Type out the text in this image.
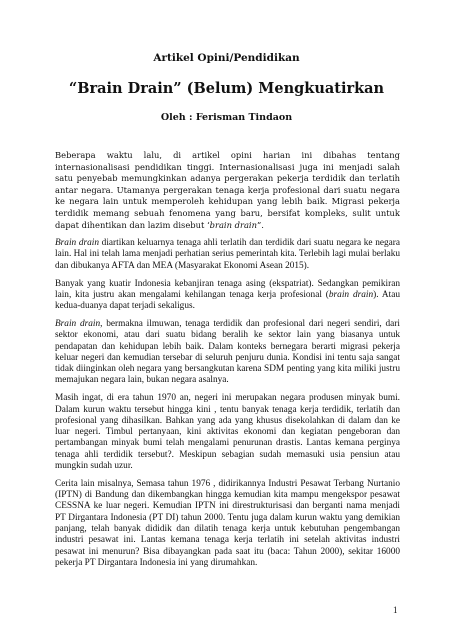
Artikel Opini/Pendidikan
“Brain Drain” (Belum) Mengkuatirkan
Oleh : Ferisman Tindaon

Beberapa waktu lalu, di artikel opini harian ini dibahas tentang internasionalisasi pendidikan tinggi. Internasionalisasi juga ini menjadi salah satu penyebab memungkinkan adanya pergerakan pekerja terdidik dan terlatih antar negara. Utamanya pergerakan tenaga kerja profesional dari suatu negara ke negara lain untuk memperoleh kehidupan yang lebih baik. Migrasi pekerja terdidik memang sebuah fenomena yang baru, bersifat kompleks, sulit untuk dapat dihentikan dan lazim disebut ‘brain drain”.

Brain drain diartikan keluarnya tenaga ahli terlatih dan terdidik dari suatu negara ke negara lain. Hal ini telah lama menjadi perhatian serius pemerintah kita. Terlebih lagi mulai berlaku dan dibukanya AFTA dan MEA (Masyarakat Ekonomi Asean 2015).

Banyak yang kuatir Indonesia kebanjiran tenaga asing (ekspatriat). Sedangkan pemikiran lain, kita justru akan mengalami kehilangan tenaga kerja profesional (brain drain). Atau kedua-duanya dapat terjadi sekaligus.

Brain drain, bermakna ilmuwan, tenaga terdidik dan profesional dari negeri sendiri, dari sektor ekonomi, atau dari suatu bidang beralih ke sektor lain yang biasanya untuk pendapatan dan kehidupan lebih baik. Dalam konteks bernegara berarti migrasi pekerja keluar negeri dan kemudian tersebar di seluruh penjuru dunia. Kondisi ini tentu saja sangat tidak diinginkan oleh negara yang bersangkutan karena SDM penting yang kita miliki justru memajukan negara lain, bukan negara asalnya.

Masih ingat, di era tahun 1970 an, negeri ini merupakan negara produsen minyak bumi. Dalam kurun waktu tersebut hingga kini , tentu banyak tenaga kerja terdidik, terlatih dan profesional yang dihasilkan. Bahkan yang ada yang khusus disekolahkan di dalam dan ke luar negeri. Timbul pertanyaan, kini aktivitas ekonomi dan kegiatan pengeboran dan pertambangan minyak bumi telah mengalami penurunan drastis. Lantas kemana perginya tenaga ahli terdidik tersebut?. Meskipun sebagian sudah memasuki usia pensiun atau mungkin sudah uzur.

Cerita lain misalnya, Semasa tahun 1976 , didirikannya Industri Pesawat Terbang Nurtanio (IPTN) di Bandung dan dikembangkan hingga kemudian kita mampu mengekspor pesawat CESSNA ke luar negeri. Kemudian IPTN ini direstrukturisasi dan berganti nama menjadi PT Dirgantara Indonesia (PT DI) tahun 2000. Tentu juga dalam kurun waktu yang demikian panjang, telah banyak dididik dan dilatih tenaga kerja untuk kebutuhan pengembangan industri pesawat ini. Lantas kemana tenaga kerja terlatih ini setelah aktivitas industri pesawat ini menurun? Bisa dibayangkan pada saat itu (baca: Tahun 2000), sekitar 16000 pekerja PT Dirgantara Indonesia ini yang dirumahkan.

1
